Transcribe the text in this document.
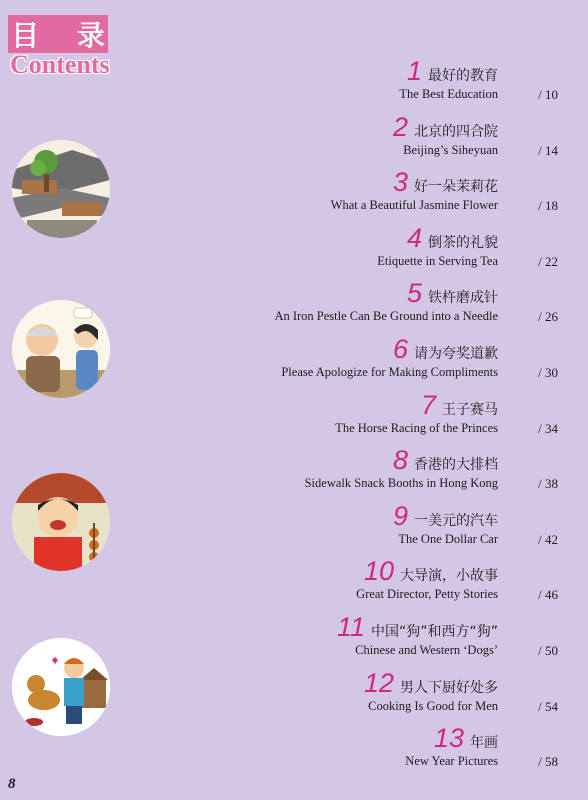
目 录
Contents	1 最好的教育
The Best Education	/ 10
2 北京的四合院
Beijing’s Siheyuan	/ 14
3 好一朵茉莉花
What a Beautiful Jasmine Flower	/ 18
4 倒茶的礼貌
Etiquette in Serving Tea	/ 22
5 铁杵磨成针
An Iron Pestle Can Be Ground into a Needle	/ 26
6 请为夸奖道歉
Please Apologize for Making Compliments	/ 30
7 王子赛马
The Horse Racing of the Princes	/ 34
8 香港的大排档
Sidewalk Snack Booths in Hong Kong	/ 38
9 一美元的汽车
The One Dollar Car	/ 42
10 大导演，小故事
Great Director, Petty Stories	/ 46
11 中国“狗”和西方“狗”
Chinese and Western ‘Dogs’	/ 50
12 男人下厨好处多
Cooking Is Good for Men	/ 54
13 年画
New Year Pictures	/ 58
8
